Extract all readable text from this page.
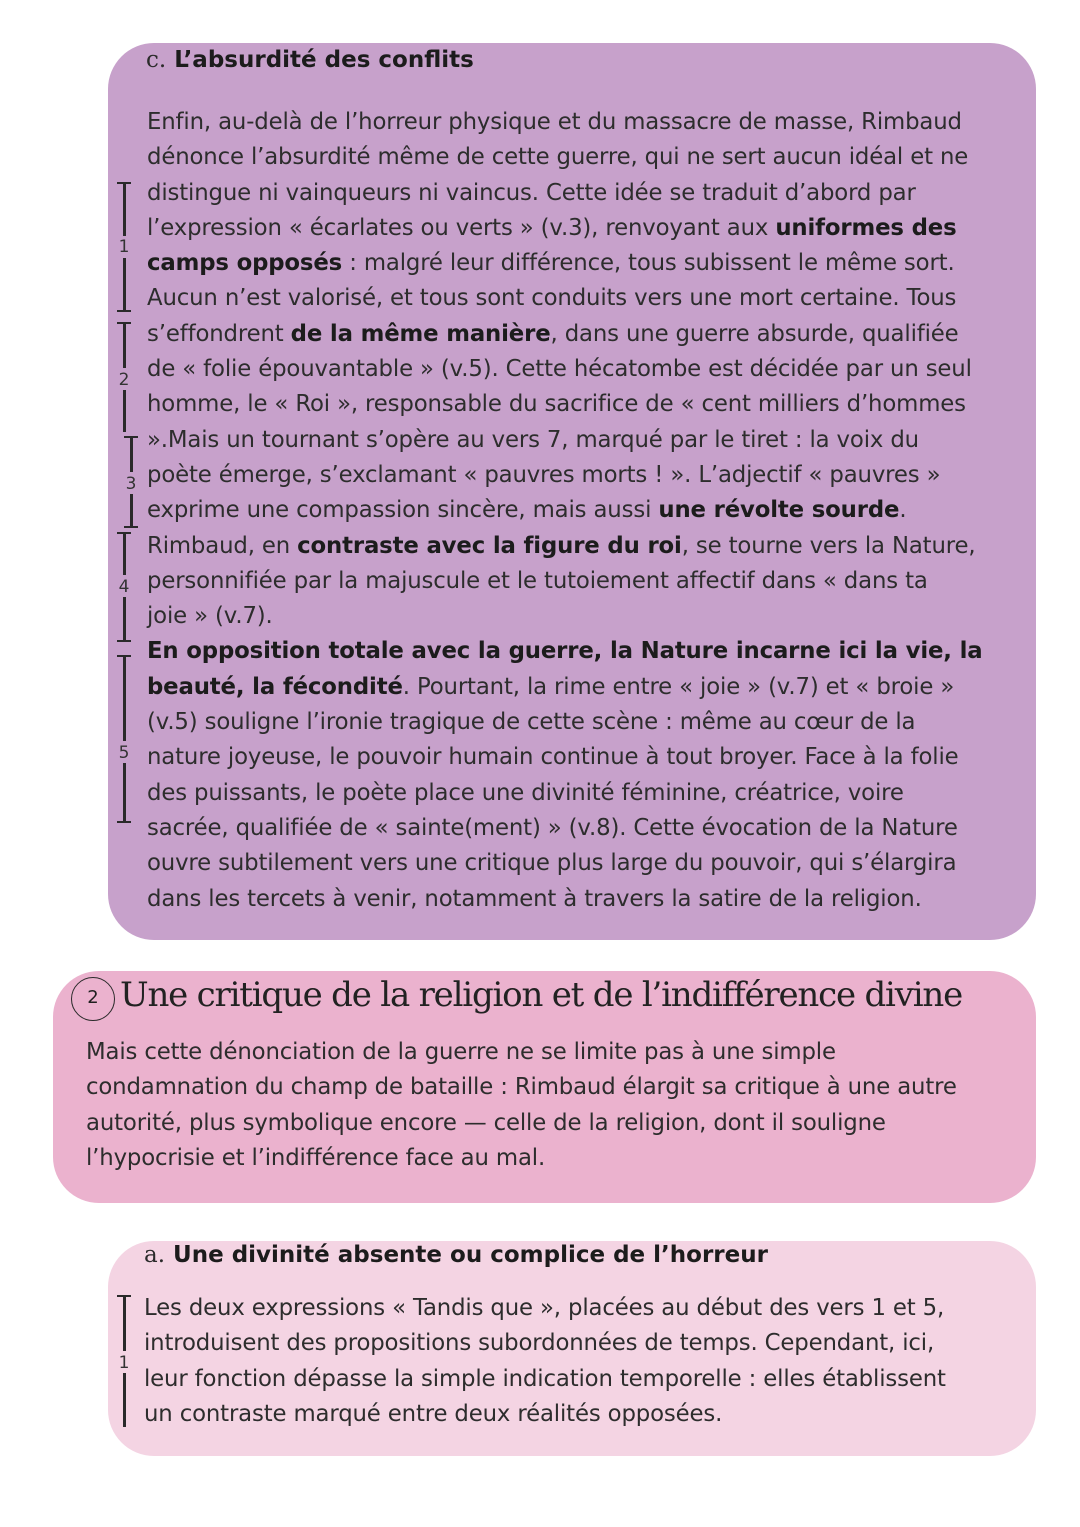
c. L’absurdité des conflits
Enfin, au-delà de l’horreur physique et du massacre de masse, Rimbaud
dénonce l’absurdité même de cette guerre, qui ne sert aucun idéal et ne
distingue ni vainqueurs ni vaincus. Cette idée se traduit d’abord par
l’expression « écarlates ou verts » (v.3), renvoyant aux uniformes des
camps opposés : malgré leur différence, tous subissent le même sort.
Aucun n’est valorisé, et tous sont conduits vers une mort certaine. Tous
s’effondrent de la même manière, dans une guerre absurde, qualifiée
de « folie épouvantable » (v.5). Cette hécatombe est décidée par un seul
homme, le « Roi », responsable du sacrifice de « cent milliers d’hommes
».Mais un tournant s’opère au vers 7, marqué par le tiret : la voix du
poète émerge, s’exclamant « pauvres morts ! ». L’adjectif « pauvres »
exprime une compassion sincère, mais aussi une révolte sourde.
Rimbaud, en contraste avec la figure du roi, se tourne vers la Nature,
personnifiée par la majuscule et le tutoiement affectif dans « dans ta
joie » (v.7).
En opposition totale avec la guerre, la Nature incarne ici la vie, la
beauté, la fécondité. Pourtant, la rime entre « joie » (v.7) et « broie »
(v.5) souligne l’ironie tragique de cette scène : même au cœur de la
nature joyeuse, le pouvoir humain continue à tout broyer. Face à la folie
des puissants, le poète place une divinité féminine, créatrice, voire
sacrée, qualifiée de « sainte(ment) » (v.8). Cette évocation de la Nature
ouvre subtilement vers une critique plus large du pouvoir, qui s’élargira
dans les tercets à venir, notamment à travers la satire de la religion.
1
2
3
4
5
2 Une critique de la religion et de l’indifférence divine
Mais cette dénonciation de la guerre ne se limite pas à une simple
condamnation du champ de bataille : Rimbaud élargit sa critique à une autre
autorité, plus symbolique encore — celle de la religion, dont il souligne
l’hypocrisie et l’indifférence face au mal.
a. Une divinité absente ou complice de l’horreur
Les deux expressions « Tandis que », placées au début des vers 1 et 5,
introduisent des propositions subordonnées de temps. Cependant, ici,
leur fonction dépasse la simple indication temporelle : elles établissent
un contraste marqué entre deux réalités opposées.
1
